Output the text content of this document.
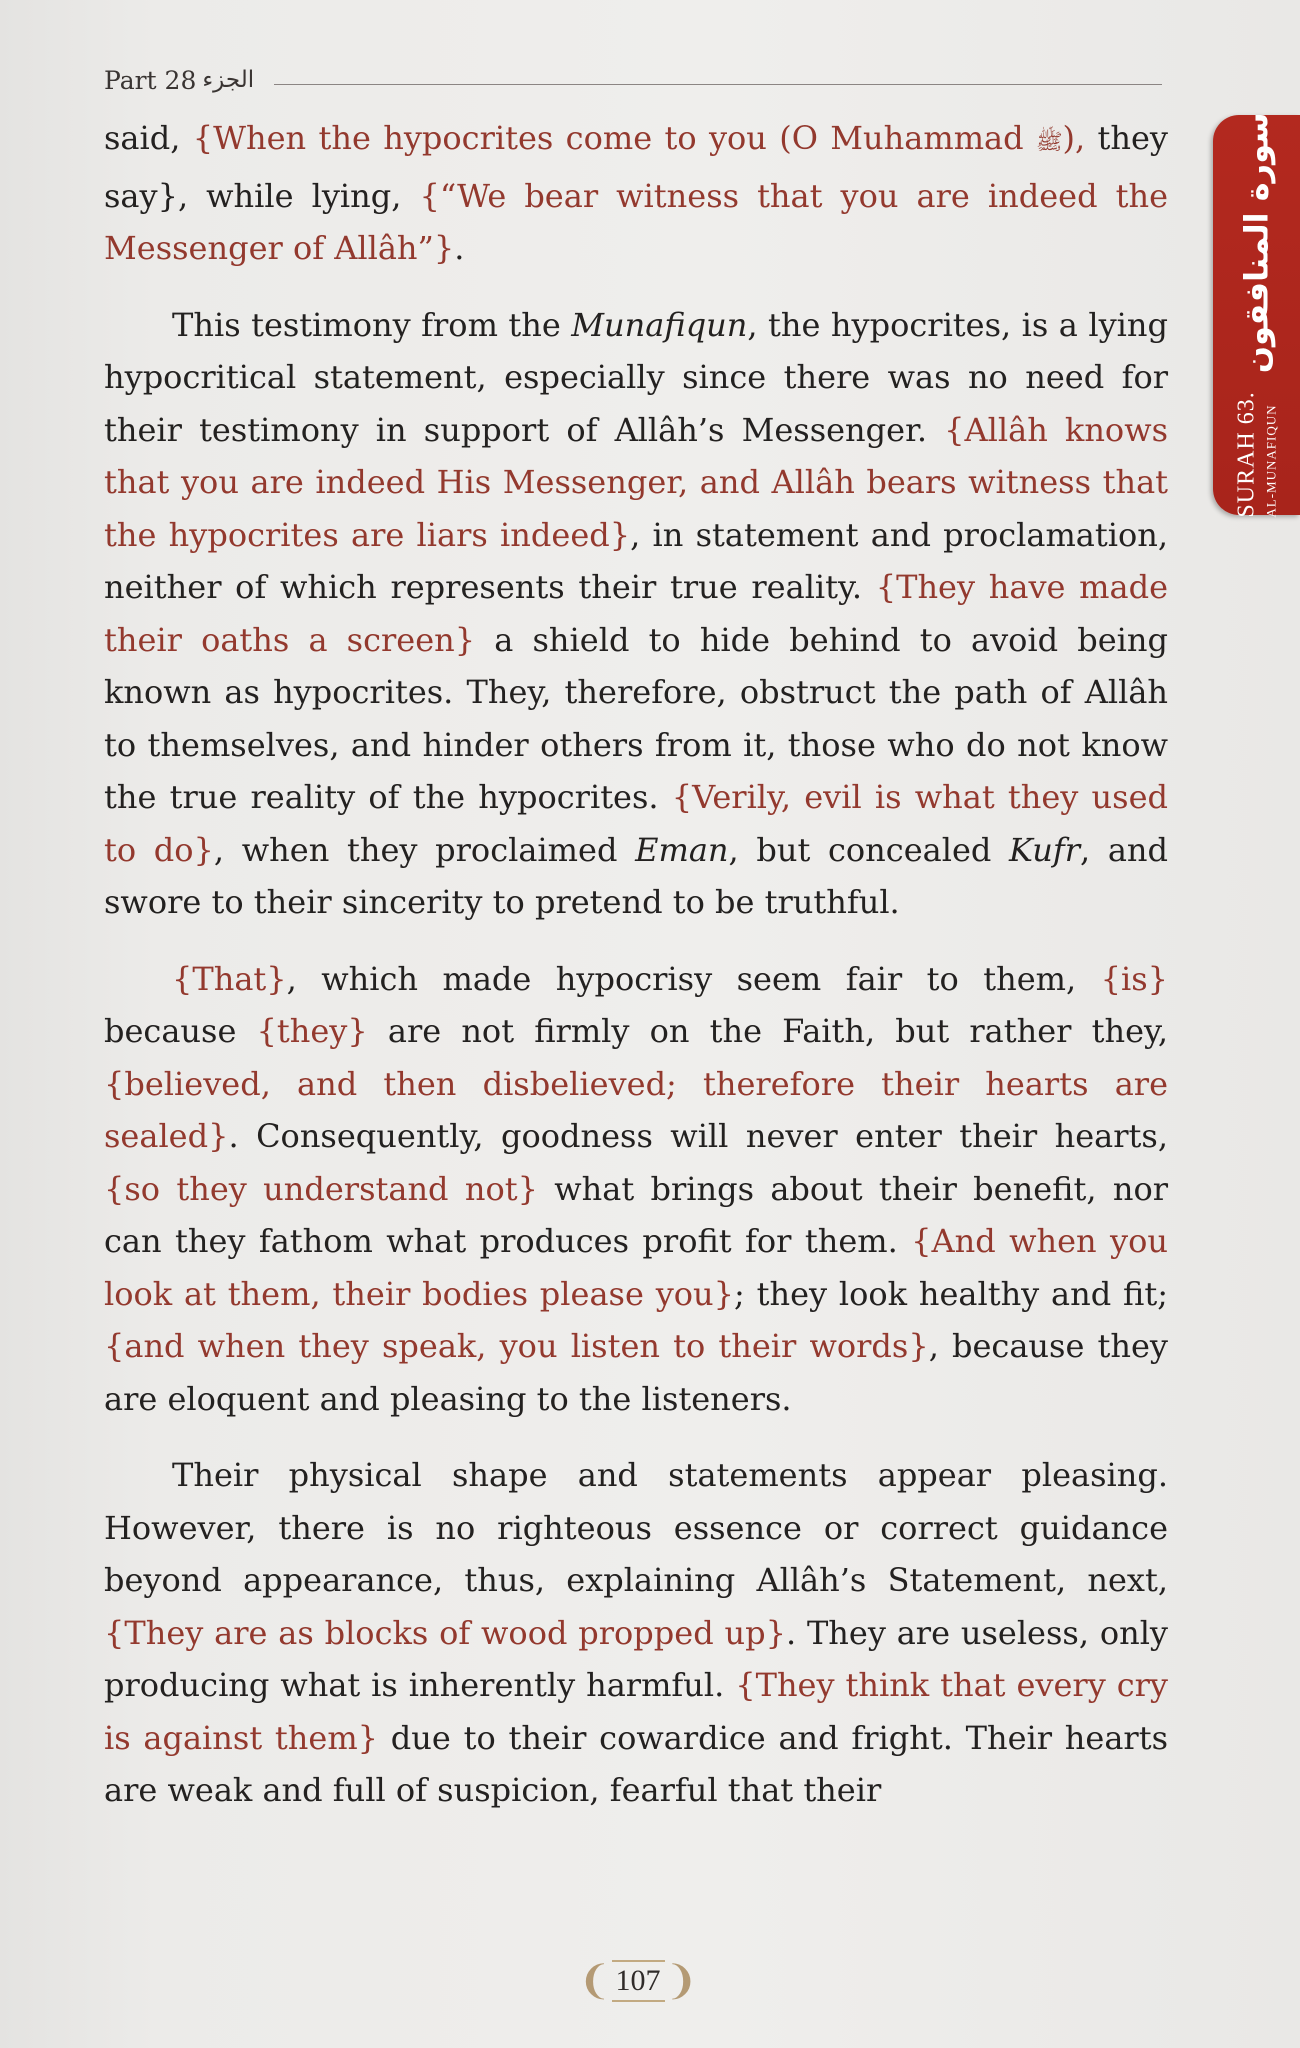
Part 28 الجزء
SURAH 63. AL-MUNAFIQUN
سورة المنافقون

said, {When the hypocrites come to you (O Muhammad ﷺ), they say}, while lying, {“We bear witness that you are indeed the Messenger of Allâh”}.

This testimony from the Munafiqun, the hypocrites, is a lying hypocritical statement, especially since there was no need for their testimony in support of Allâh’s Messenger. {Allâh knows that you are indeed His Messenger, and Allâh bears witness that the hypocrites are liars indeed}, in statement and proclamation, neither of which represents their true reality. {They have made their oaths a screen} a shield to hide behind to avoid being known as hypocrites. They, therefore, obstruct the path of Allâh to themselves, and hinder others from it, those who do not know the true reality of the hypocrites. {Verily, evil is what they used to do}, when they proclaimed Eman, but concealed Kufr, and swore to their sincerity to pretend to be truthful.

{That}, which made hypocrisy seem fair to them, {is} because {they} are not firmly on the Faith, but rather they, {believed, and then disbelieved; therefore their hearts are sealed}. Consequently, goodness will never enter their hearts, {so they understand not} what brings about their benefit, nor can they fathom what produces profit for them. {And when you look at them, their bodies please you}; they look healthy and fit; {and when they speak, you listen to their words}, because they are eloquent and pleasing to the listeners.

Their physical shape and statements appear pleasing. However, there is no righteous essence or correct guidance beyond appearance, thus, explaining Allâh’s Statement, next, {They are as blocks of wood propped up}. They are useless, only producing what is inherently harmful. {They think that every cry is against them} due to their cowardice and fright. Their hearts are weak and full of suspicion, fearful that their

❨ 107 ❩
